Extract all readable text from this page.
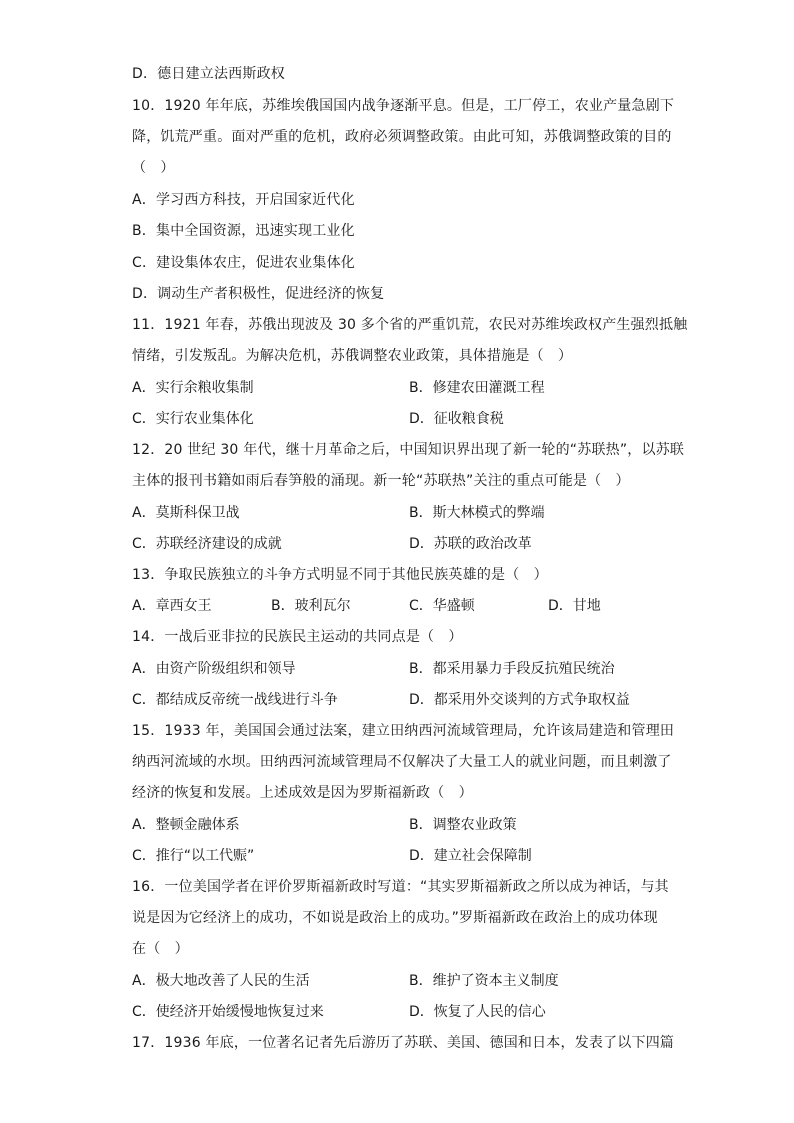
D．德日建立法西斯政权
10．1920 年年底，苏维埃俄国国内战争逐渐平息。但是，工厂停工，农业产量急剧下
降，饥荒严重。面对严重的危机，政府必须调整政策。由此可知，苏俄调整政策的目的
（　）
A．学习西方科技，开启国家近代化
B．集中全国资源，迅速实现工业化
C．建设集体农庄，促进农业集体化
D．调动生产者积极性，促进经济的恢复
11．1921 年春，苏俄出现波及 30 多个省的严重饥荒，农民对苏维埃政权产生强烈抵触
情绪，引发叛乱。为解决危机，苏俄调整农业政策，具体措施是（　）
A．实行余粮收集制	B．修建农田灌溉工程
C．实行农业集体化	D．征收粮食税
12．20 世纪 30 年代，继十月革命之后，中国知识界出现了新一轮的“苏联热”，以苏联
主体的报刊书籍如雨后春笋般的涌现。新一轮“苏联热”关注的重点可能是（　）
A．莫斯科保卫战	B．斯大林模式的弊端
C．苏联经济建设的成就	D．苏联的政治改革
13．争取民族独立的斗争方式明显不同于其他民族英雄的是（　）
A．章西女王	B．玻利瓦尔	C．华盛顿	D．甘地
14．一战后亚非拉的民族民主运动的共同点是（　）
A．由资产阶级组织和领导	B．都采用暴力手段反抗殖民统治
C．都结成反帝统一战线进行斗争	D．都采用外交谈判的方式争取权益
15．1933 年，美国国会通过法案，建立田纳西河流域管理局，允许该局建造和管理田
纳西河流域的水坝。田纳西河流域管理局不仅解决了大量工人的就业问题，而且刺激了
经济的恢复和发展。上述成效是因为罗斯福新政（　）
A．整顿金融体系	B．调整农业政策
C．推行“以工代赈”	D．建立社会保障制
16．一位美国学者在评价罗斯福新政时写道：“其实罗斯福新政之所以成为神话，与其
说是因为它经济上的成功，不如说是政治上的成功。”罗斯福新政在政治上的成功体现
在（　）
A．极大地改善了人民的生活	B．维护了资本主义制度
C．使经济开始缓慢地恢复过来	D．恢复了人民的信心
17．1936 年底，一位著名记者先后游历了苏联、美国、德国和日本，发表了以下四篇
